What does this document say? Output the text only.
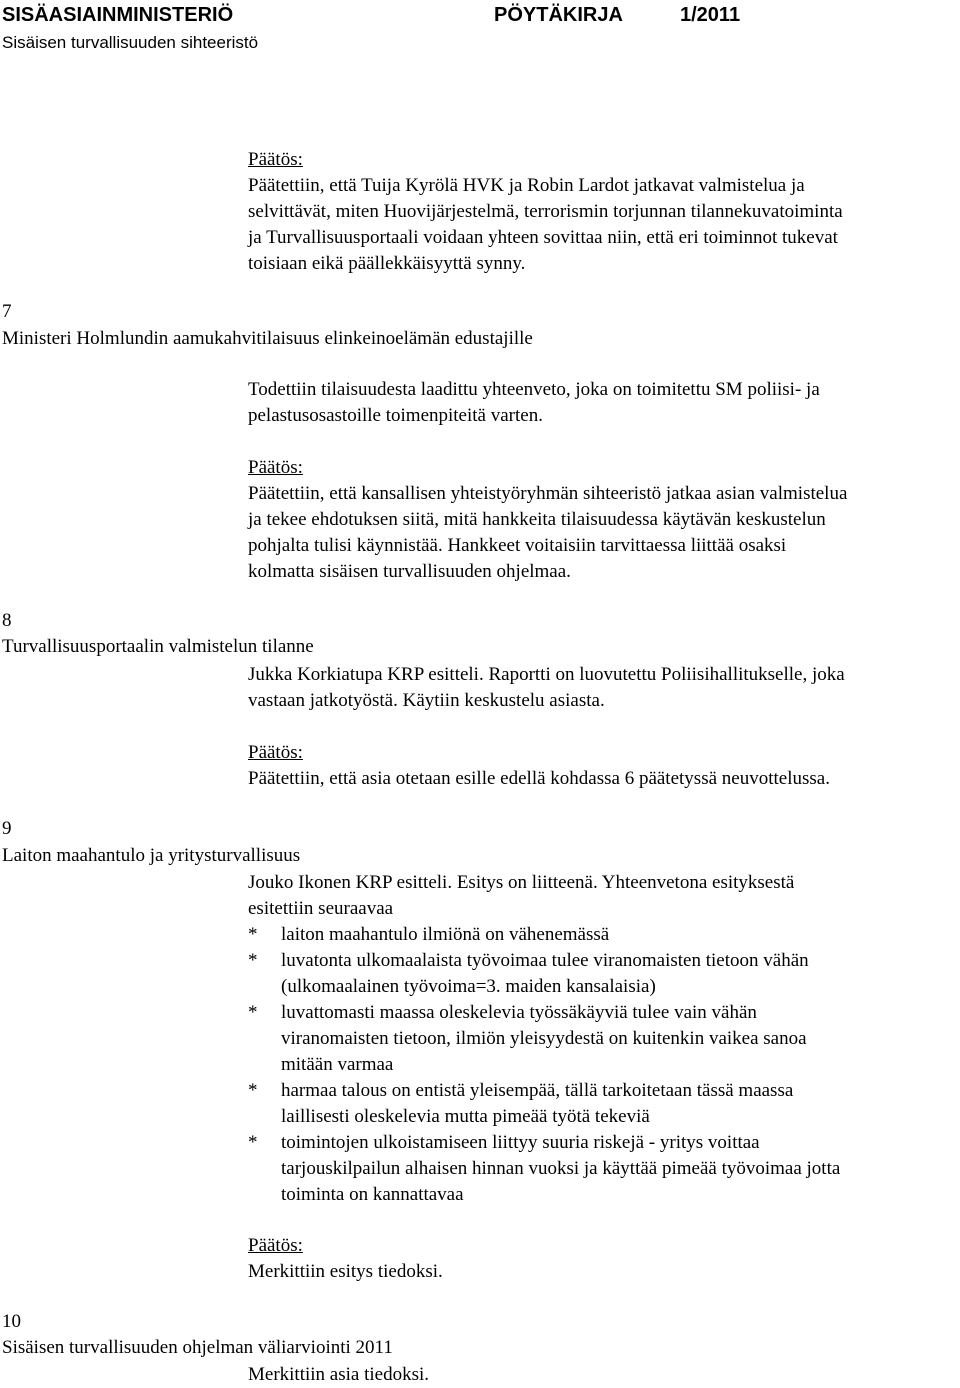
SISÄASIAINMINISTERIÖ	PÖYTÄKIRJA	1/2011
Sisäisen turvallisuuden sihteeristö
Päätös:
Päätettiin, että Tuija Kyrölä HVK ja Robin Lardot jatkavat valmistelua ja
selvittävät, miten Huovijärjestelmä, terrorismin torjunnan tilannekuvatoiminta
ja Turvallisuusportaali voidaan yhteen sovittaa niin, että eri toiminnot tukevat
toisiaan eikä päällekkäisyyttä synny.
7
Ministeri Holmlundin aamukahvitilaisuus elinkeinoelämän edustajille
Todettiin tilaisuudesta laadittu yhteenveto, joka on toimitettu SM poliisi- ja
pelastusosastoille toimenpiteitä varten.
Päätös:
Päätettiin, että kansallisen yhteistyöryhmän sihteeristö jatkaa asian valmistelua
ja tekee ehdotuksen siitä, mitä hankkeita tilaisuudessa käytävän keskustelun
pohjalta tulisi käynnistää. Hankkeet voitaisiin tarvittaessa liittää osaksi
kolmatta sisäisen turvallisuuden ohjelmaa.
8
Turvallisuusportaalin valmistelun tilanne
Jukka Korkiatupa KRP esitteli. Raportti on luovutettu Poliisihallitukselle, joka
vastaan jatkotyöstä. Käytiin keskustelu asiasta.
Päätös:
Päätettiin, että asia otetaan esille edellä kohdassa 6 päätetyssä neuvottelussa.
9
Laiton maahantulo ja yritysturvallisuus
Jouko Ikonen KRP esitteli. Esitys on liitteenä. Yhteenvetona esityksestä
esitettiin seuraavaa
* laiton maahantulo ilmiönä on vähenemässä
* luvatonta ulkomaalaista työvoimaa tulee viranomaisten tietoon vähän
(ulkomaalainen työvoima=3. maiden kansalaisia)
* luvattomasti maassa oleskelevia työssäkäyviä tulee vain vähän
viranomaisten tietoon, ilmiön yleisyydestä on kuitenkin vaikea sanoa
mitään varmaa
* harmaa talous on entistä yleisempää, tällä tarkoitetaan tässä maassa
laillisesti oleskelevia mutta pimeää työtä tekeviä
* toimintojen ulkoistamiseen liittyy suuria riskejä - yritys voittaa
tarjouskilpailun alhaisen hinnan vuoksi ja käyttää pimeää työvoimaa jotta
toiminta on kannattavaa
Päätös:
Merkittiin esitys tiedoksi.
10
Sisäisen turvallisuuden ohjelman väliarviointi 2011
Merkittiin asia tiedoksi.
